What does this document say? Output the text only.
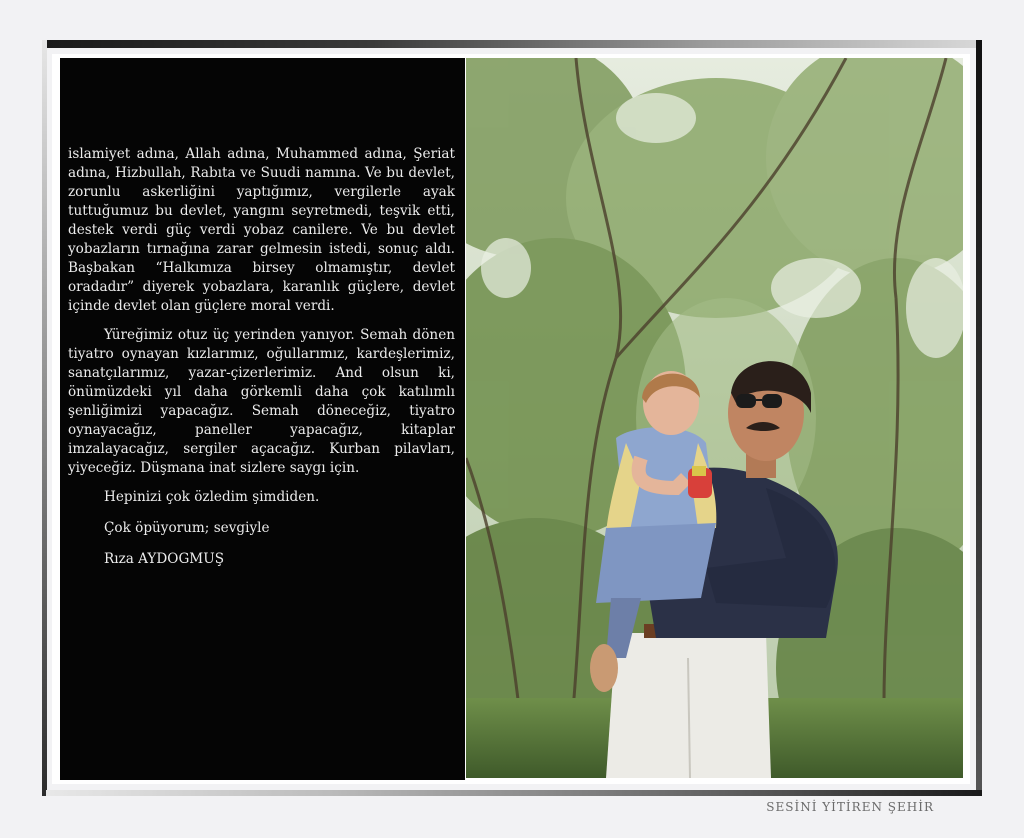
islamiyet adına, Allah adına, Muhammed adına, Şeriat adına, Hizbullah, Rabıta ve Suudi namına. Ve bu devlet, zorunlu askerliğini yaptığımız, vergilerle ayak tuttuğumuz bu devlet, yangını seyretmedi, teşvik etti, destek verdi güç verdi yobaz canilere. Ve bu devlet yobazların tırnağına zarar gelmesin istedi, sonuç aldı. Başbakan “Halkımıza birsey olmamıştır, devlet oradadır” diyerek yobazlara, karanlık güçlere, devlet içinde devlet olan güçlere moral verdi.

Yüreğimiz otuz üç yerinden yanıyor. Semah dönen tiyatro oynayan kızlarımız, oğullarımız, kardeşlerimiz, sanatçılarımız, yazar-çizerlerimiz. And olsun ki, önümüzdeki yıl daha görkemli daha çok katılımlı şenliğimizi yapacağız. Semah döneceğiz, tiyatro oynayacağız, paneller yapacağız, kitaplar imzalayacağız, sergiler açacağız. Kurban pilavları, yiyeceğiz. Düşmana inat sizlere saygı için.

Hepinizi çok özledim şimdiden.

Çok öpüyorum; sevgiyle

Rıza AYDOGMUŞ

SESİNİ YİTİREN ŞEHİR
